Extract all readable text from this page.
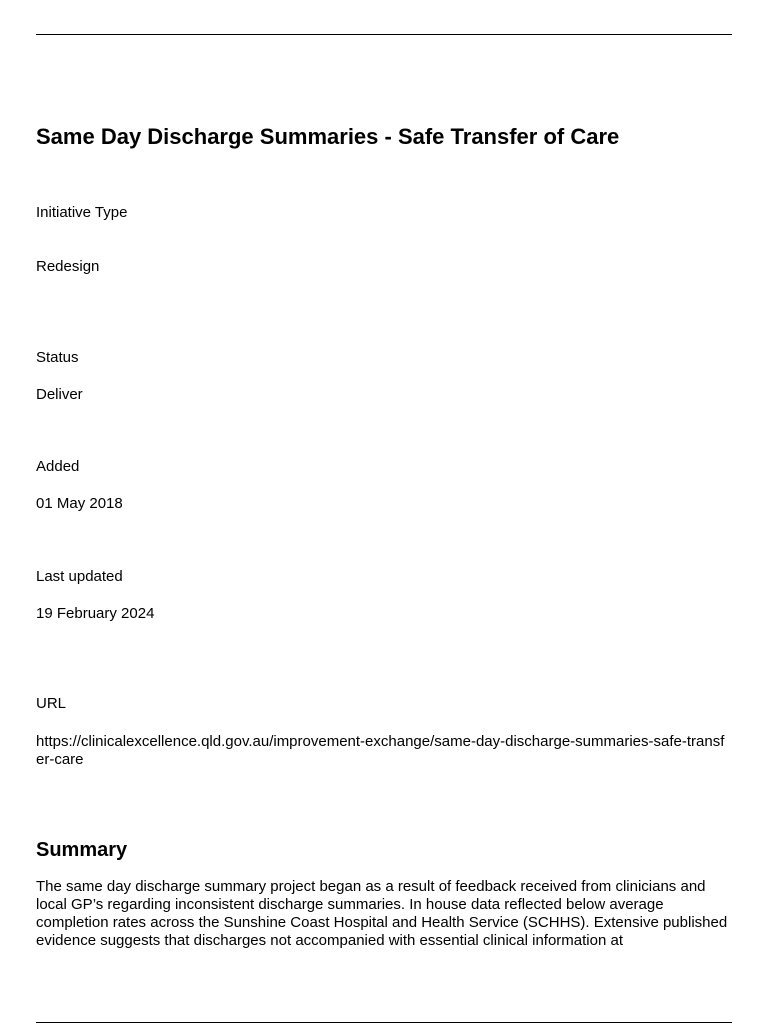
Same Day Discharge Summaries - Safe Transfer of Care

Initiative Type

Redesign

Status

Deliver

Added

01 May 2018

Last updated

19 February 2024

URL

https://clinicalexcellence.qld.gov.au/improvement-exchange/same-day-discharge-summaries-safe-transfer-care

Summary

The same day discharge summary project began as a result of feedback received from clinicians and local GP’s regarding inconsistent discharge summaries. In house data reflected below average completion rates across the Sunshine Coast Hospital and Health Service (SCHHS). Extensive published evidence suggests that discharges not accompanied with essential clinical information at
